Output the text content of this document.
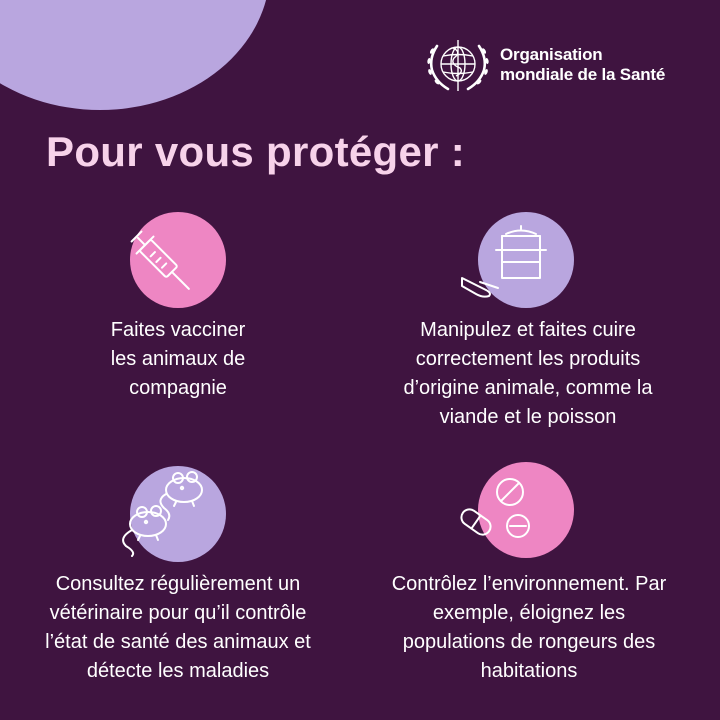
Organisation
mondiale de la Santé
Pour vous protéger :

Faites vacciner
les animaux de
compagnie

Manipulez et faites cuire
correctement les produits
d’origine animale, comme la
viande et le poisson

Consultez régulièrement un
vétérinaire pour qu’il contrôle
l’état de santé des animaux et
détecte les maladies

Contrôlez l’environnement. Par
exemple, éloignez les
populations de rongeurs des
habitations
